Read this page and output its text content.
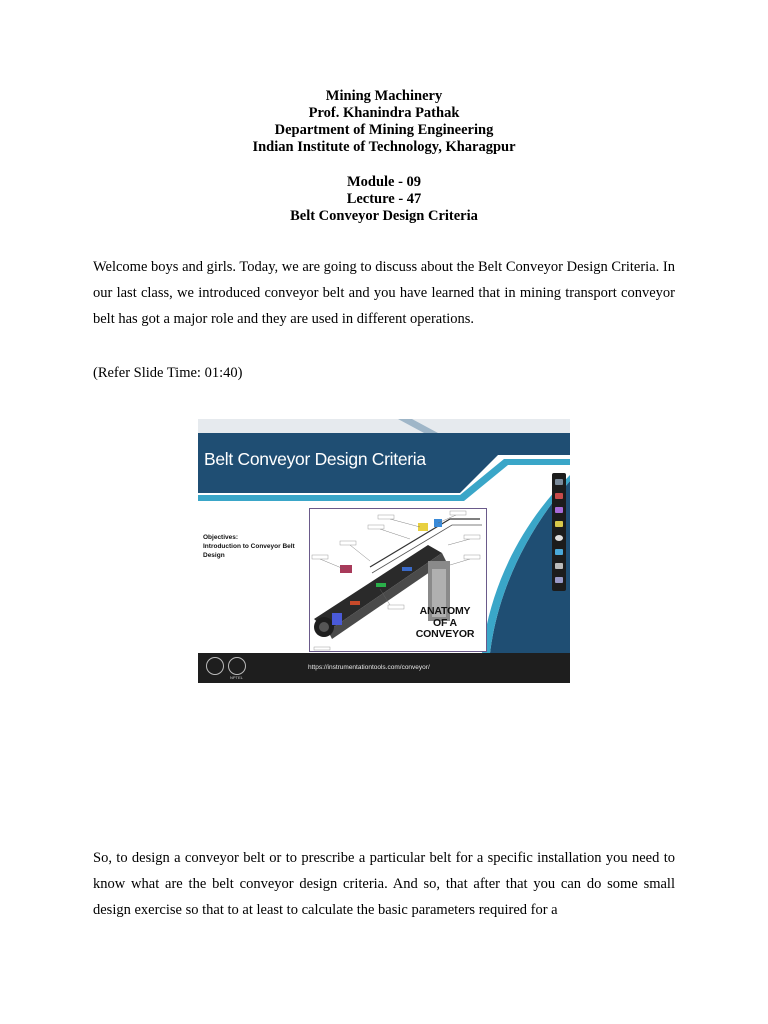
Mining Machinery
Prof. Khanindra Pathak
Department of Mining Engineering
Indian Institute of Technology, Kharagpur
Module - 09
Lecture - 47
Belt Conveyor Design Criteria

Welcome boys and girls. Today, we are going to discuss about the Belt Conveyor Design Criteria. In our last class, we introduced conveyor belt and you have learned that in mining transport conveyor belt has got a major role and they are used in different operations.

(Refer Slide Time: 01:40)
Belt Conveyor Design Criteria
Objectives:
Introduction to Conveyor Belt Design
ANATOMY
OF A
CONVEYOR
NPTEL
https://instrumentationtools.com/conveyor/

So, to design a conveyor belt or to prescribe a particular belt for a specific installation you need to know what are the belt conveyor design criteria. And so, that after that you can do some small design exercise so that to at least to calculate the basic parameters required for a
